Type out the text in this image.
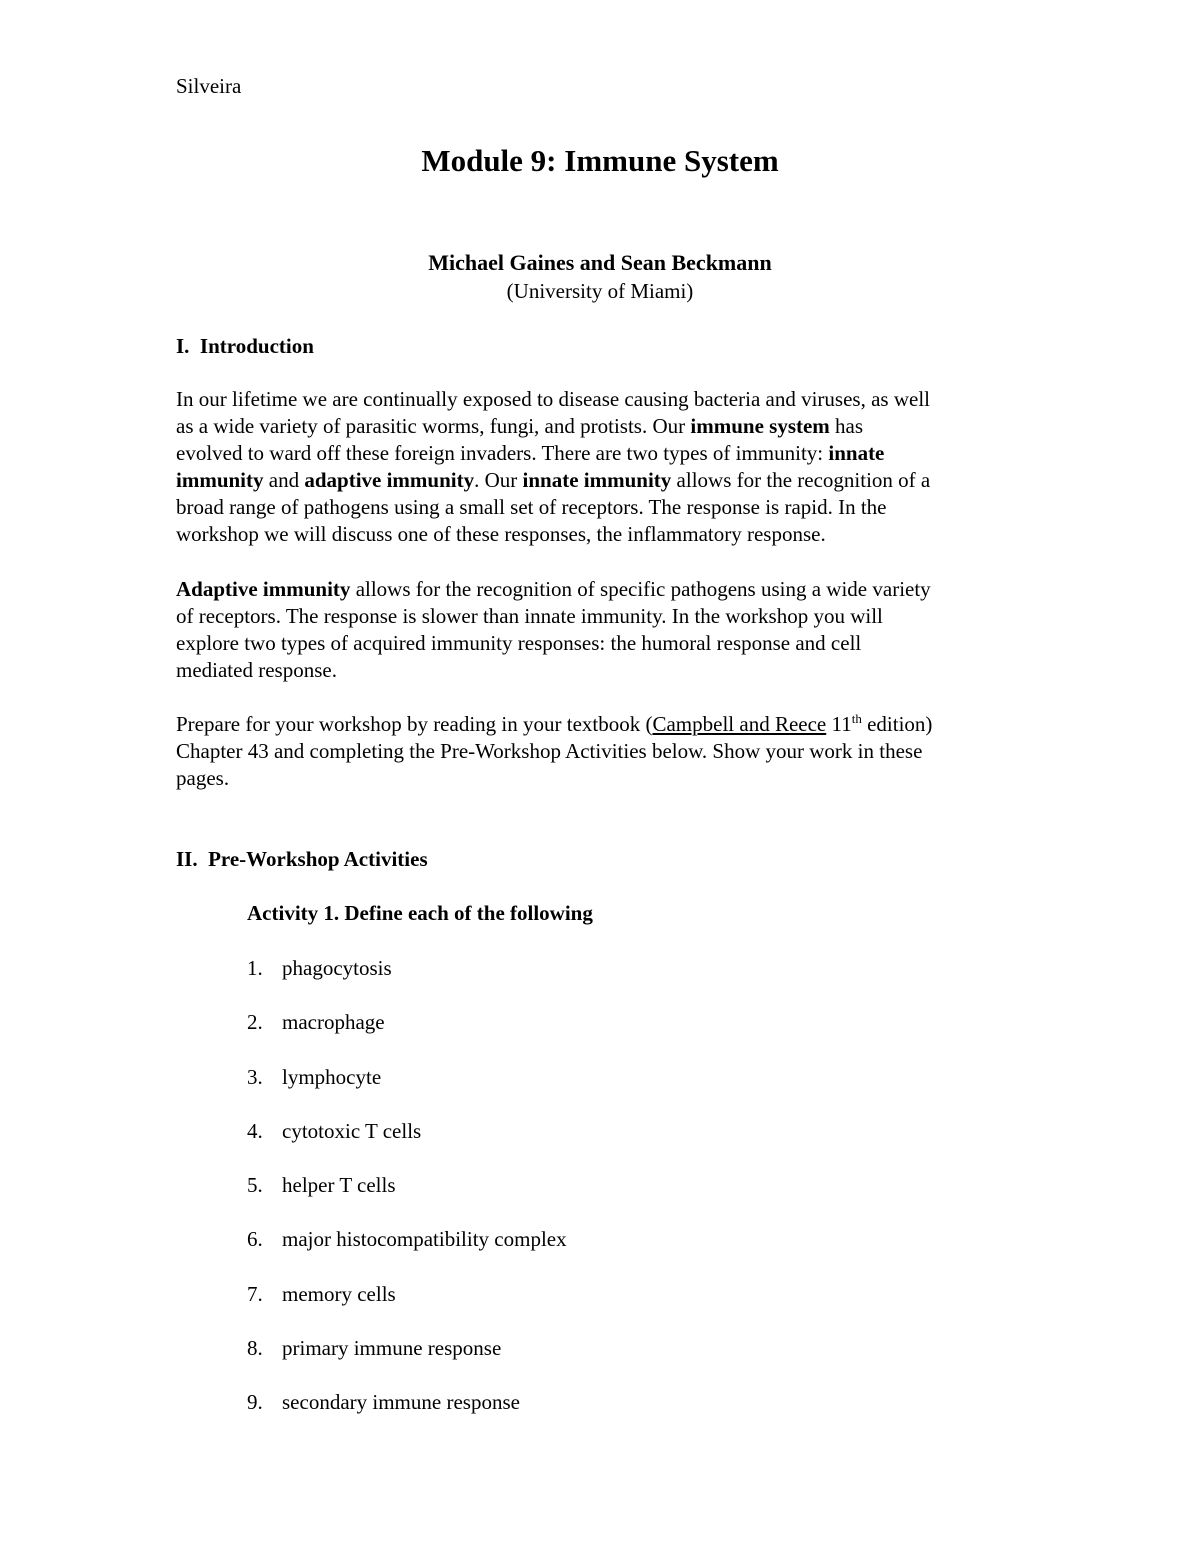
Silveira
Module 9: Immune System
Michael Gaines and Sean Beckmann
(University of Miami)
I.  Introduction
In our lifetime we are continually exposed to disease causing bacteria and viruses, as well
as a wide variety of parasitic worms, fungi, and protists. Our immune system has
evolved to ward off these foreign invaders. There are two types of immunity: innate
immunity and adaptive immunity. Our innate immunity allows for the recognition of a
broad range of pathogens using a small set of receptors. The response is rapid. In the
workshop we will discuss one of these responses, the inflammatory response.
Adaptive immunity allows for the recognition of specific pathogens using a wide variety
of receptors. The response is slower than innate immunity. In the workshop you will
explore two types of acquired immunity responses: the humoral response and cell
mediated response.
Prepare for your workshop by reading in your textbook (Campbell and Reece 11th edition)
Chapter 43 and completing the Pre-Workshop Activities below. Show your work in these
pages.
II.  Pre-Workshop Activities
Activity 1. Define each of the following
1. phagocytosis
2. macrophage
3. lymphocyte
4. cytotoxic T cells
5. helper T cells
6. major histocompatibility complex
7. memory cells
8. primary immune response
9. secondary immune response
